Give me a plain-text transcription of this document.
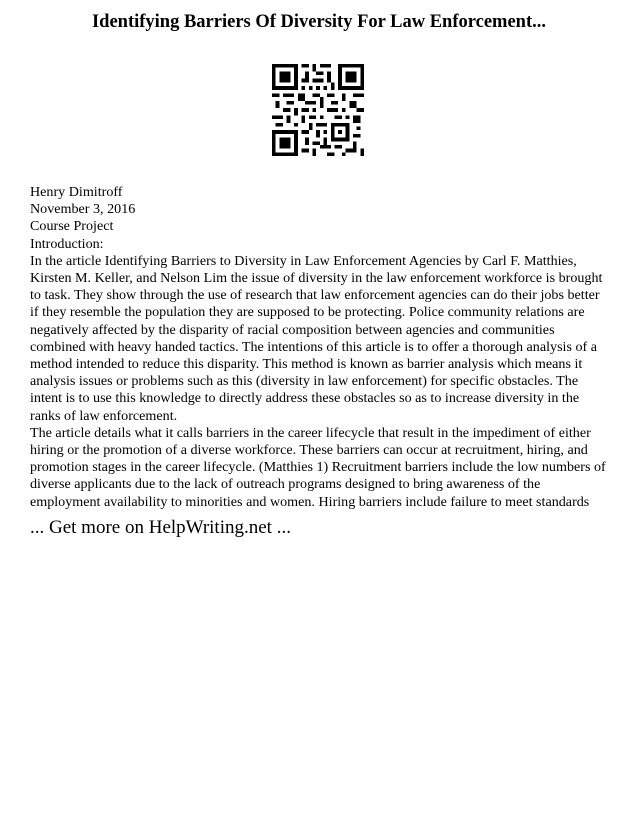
Identifying Barriers Of Diversity For Law Enforcement...

Henry Dimitroff

November 3, 2016

Course Project

Introduction:

In the article Identifying Barriers to Diversity in Law Enforcement Agencies by Carl F. Matthies, Kirsten M. Keller, and Nelson Lim the issue of diversity in the law enforcement workforce is brought to task. They show through the use of research that law enforcement agencies can do their jobs better if they resemble the population they are supposed to be protecting. Police community relations are negatively affected by the disparity of racial composition between agencies and communities combined with heavy handed tactics. The intentions of this article is to offer a thorough analysis of a method intended to reduce this disparity. This method is known as barrier analysis which means it analysis issues or problems such as this (diversity in law enforcement) for specific obstacles. The intent is to use this knowledge to directly address these obstacles so as to increase diversity in the ranks of law enforcement.

The article details what it calls barriers in the career lifecycle that result in the impediment of either hiring or the promotion of a diverse workforce. These barriers can occur at recruitment, hiring, and promotion stages in the career lifecycle. (Matthies 1) Recruitment barriers include the low numbers of diverse applicants due to the lack of outreach programs designed to bring awareness of the employment availability to minorities and women. Hiring barriers include failure to meet standards

... Get more on HelpWriting.net ...
